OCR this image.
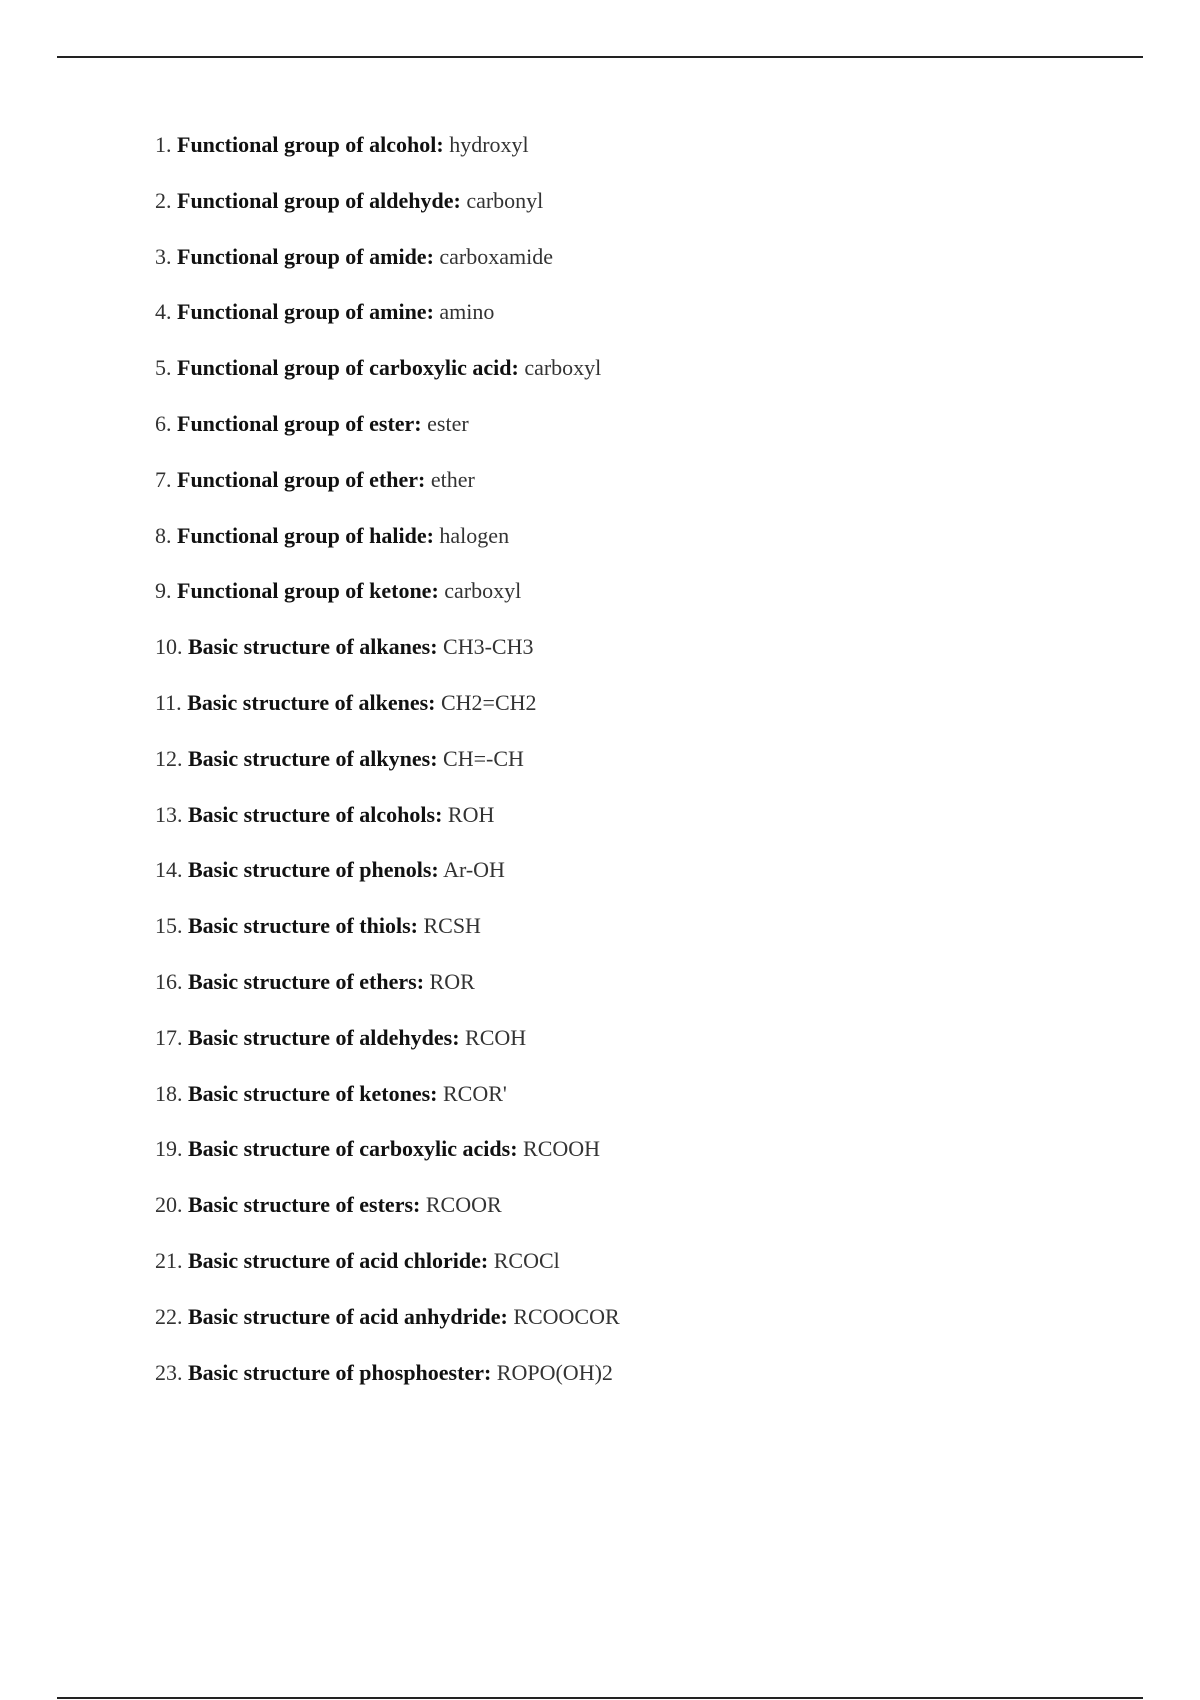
1. Functional group of alcohol: hydroxyl
2. Functional group of aldehyde: carbonyl
3. Functional group of amide: carboxamide
4. Functional group of amine: amino
5. Functional group of carboxylic acid: carboxyl
6. Functional group of ester: ester
7. Functional group of ether: ether
8. Functional group of halide: halogen
9. Functional group of ketone: carboxyl
10. Basic structure of alkanes: CH3-CH3
11. Basic structure of alkenes: CH2=CH2
12. Basic structure of alkynes: CH=-CH
13. Basic structure of alcohols: ROH
14. Basic structure of phenols: Ar-OH
15. Basic structure of thiols: RCSH
16. Basic structure of ethers: ROR
17. Basic structure of aldehydes: RCOH
18. Basic structure of ketones: RCOR'
19. Basic structure of carboxylic acids: RCOOH
20. Basic structure of esters: RCOOR
21. Basic structure of acid chloride: RCOCl
22. Basic structure of acid anhydride: RCOOCOR
23. Basic structure of phosphoester: ROPO(OH)2
